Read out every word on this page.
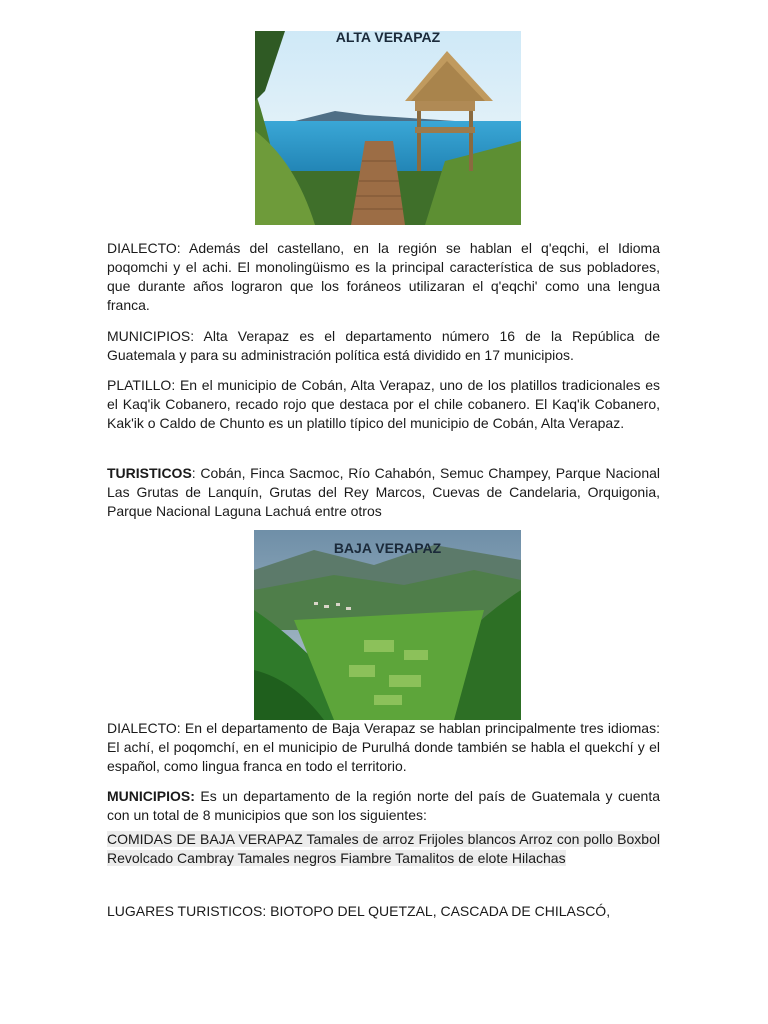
ALTA VERAPAZ

DIALECTO: Además del castellano, en la región se hablan el q'eqchi, el Idioma poqomchi y el achi. El monolingüismo es la principal característica de sus pobladores, que durante años lograron que los foráneos utilizaran el q'eqchi' como una lengua franca.

MUNICIPIOS: Alta Verapaz es el departamento número 16 de la República de Guatemala y para su administración política está dividido en 17 municipios.

PLATILLO: En el municipio de Cobán, Alta Verapaz, uno de los platillos tradicionales es el Kaq'ik Cobanero, recado rojo que destaca por el chile cobanero. El Kaq'ik Cobanero, Kak'ik o Caldo de Chunto es un platillo típico del municipio de Cobán, Alta Verapaz.

TURISTICOS: Cobán, Finca Sacmoc, Río Cahabón, Semuc Champey, Parque Nacional Las Grutas de Lanquín, Grutas del Rey Marcos, Cuevas de Candelaria, Orquigonia, Parque Nacional Laguna Lachuá entre otros

BAJA VERAPAZ

DIALECTO: En el departamento de Baja Verapaz se hablan principalmente tres idiomas: El achí, el poqomchí, en el municipio de Purulhá donde también se habla el quekchí y el español, como lingua franca en todo el territorio.

MUNICIPIOS: Es un departamento de la región norte del país de Guatemala y cuenta con un total de 8 municipios que son los siguientes:

COMIDAS DE BAJA VERAPAZ Tamales de arroz Frijoles blancos Arroz con pollo Boxbol Revolcado Cambray Tamales negros Fiambre Tamalitos de elote Hilachas

LUGARES TURISTICOS: BIOTOPO DEL QUETZAL, CASCADA DE CHILASCÓ,
